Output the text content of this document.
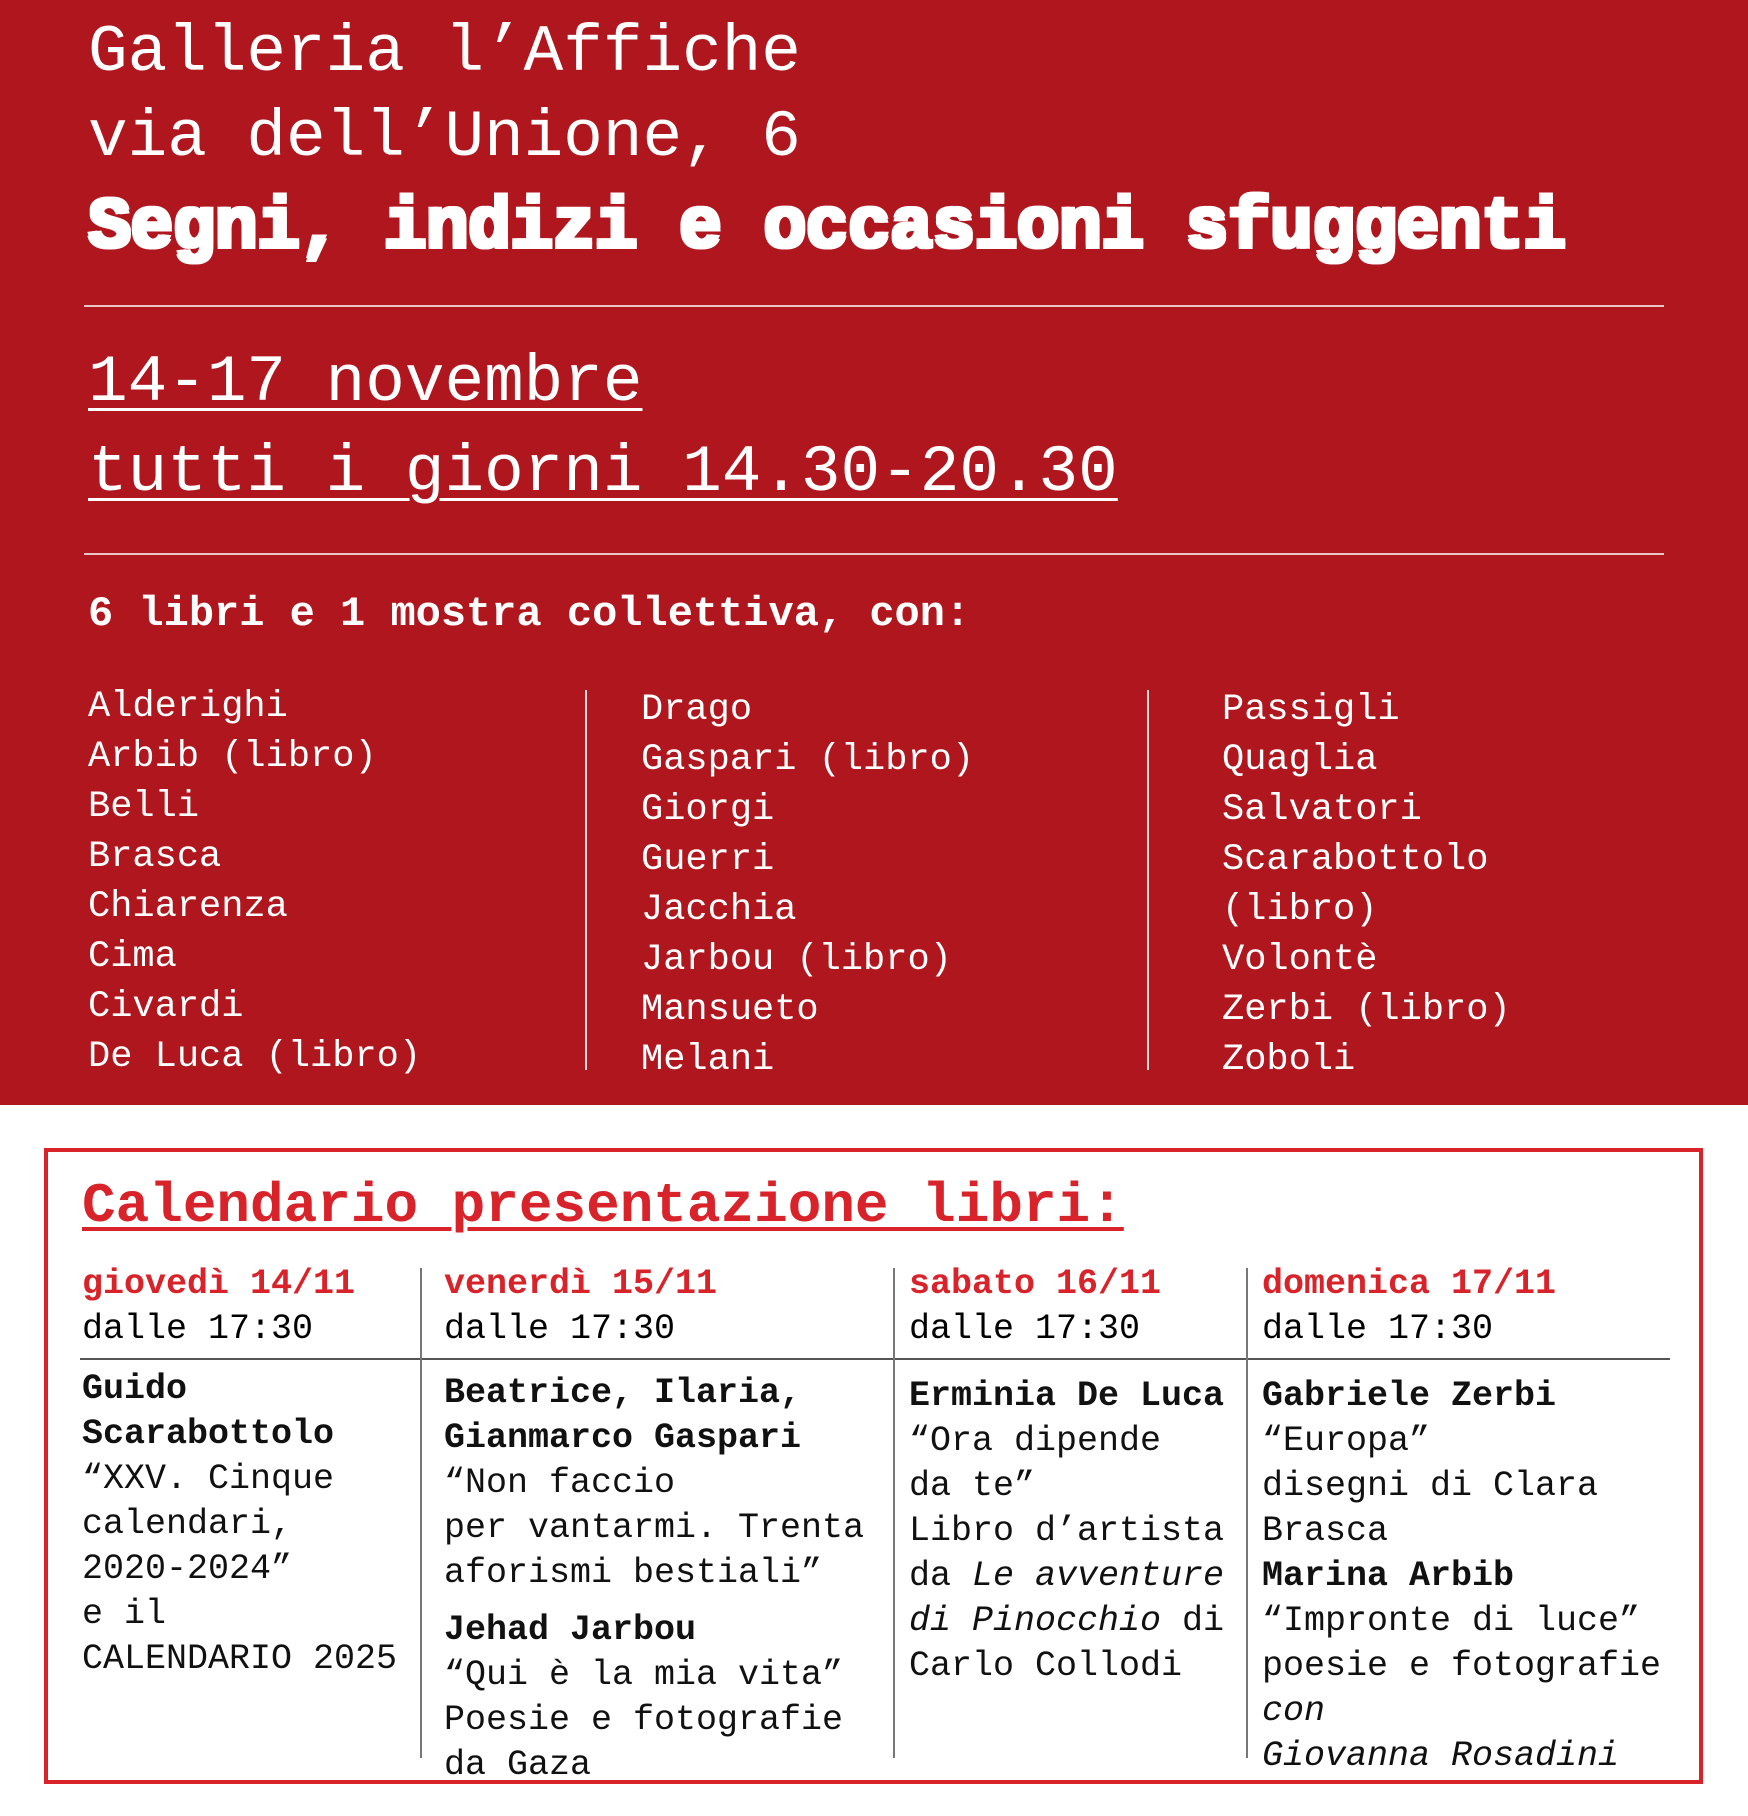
Galleria l’Affiche

via dell’Unione, 6

Segni, indizi e occasioni sfuggenti

14-17 novembre

tutti i giorni 14.30-20.30

6 libri e 1 mostra collettiva, con:

Alderighi
Arbib (libro)
Belli
Brasca
Chiarenza
Cima
Civardi
De Luca (libro)
Drago
Gaspari (libro)
Giorgi
Guerri
Jacchia
Jarbou (libro)
Mansueto
Melani
Passigli
Quaglia
Salvatori
Scarabottolo
(libro)
Volontè
Zerbi (libro)
Zoboli

Calendario presentazione libri:

giovedì 14/11
dalle 17:30
venerdì 15/11
dalle 17:30
sabato 16/11
dalle 17:30
domenica 17/11
dalle 17:30
Guido
Scarabottolo
“XXV. Cinque
calendari,
2020-2024”
e il
CALENDARIO 2025
Beatrice, Ilaria,
Gianmarco Gaspari
“Non faccio
per vantarmi. Trenta
aforismi bestiali”
Jehad Jarbou
“Qui è la mia vita”
Poesie e fotografie
da Gaza
Erminia De Luca
“Ora dipende
da te”
Libro d’artista
da Le avventure
di Pinocchio di
Carlo Collodi
Gabriele Zerbi
“Europa”
disegni di Clara
Brasca
Marina Arbib
“Impronte di luce”
poesie e fotografie
con
Giovanna Rosadini
